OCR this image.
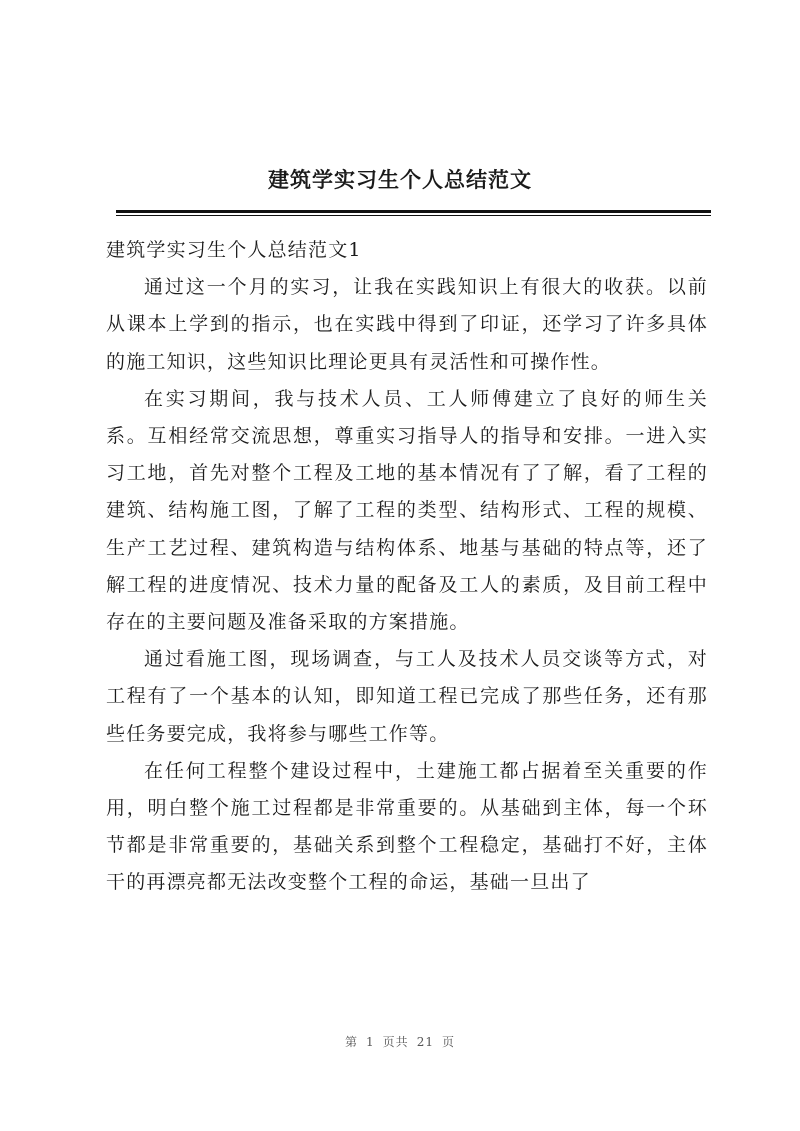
建筑学实习生个人总结范文
建筑学实习生个人总结范文1

通过这一个月的实习，让我在实践知识上有很大的收获。以前从课本上学到的指示，也在实践中得到了印证，还学习了许多具体的施工知识，这些知识比理论更具有灵活性和可操作性。

在实习期间，我与技术人员、工人师傅建立了良好的师生关系。互相经常交流思想，尊重实习指导人的指导和安排。一进入实习工地，首先对整个工程及工地的基本情况有了了解，看了工程的建筑、结构施工图，了解了工程的类型、结构形式、工程的规模、生产工艺过程、建筑构造与结构体系、地基与基础的特点等，还了解工程的进度情况、技术力量的配备及工人的素质，及目前工程中存在的主要问题及准备采取的方案措施。

通过看施工图，现场调查，与工人及技术人员交谈等方式，对工程有了一个基本的认知，即知道工程已完成了那些任务，还有那些任务要完成，我将参与哪些工作等。

在任何工程整个建设过程中，土建施工都占据着至关重要的作用，明白整个施工过程都是非常重要的。从基础到主体，每一个环节都是非常重要的，基础关系到整个工程稳定，基础打不好，主体干的再漂亮都无法改变整个工程的命运，基础一旦出了

第 1 页共 21 页
